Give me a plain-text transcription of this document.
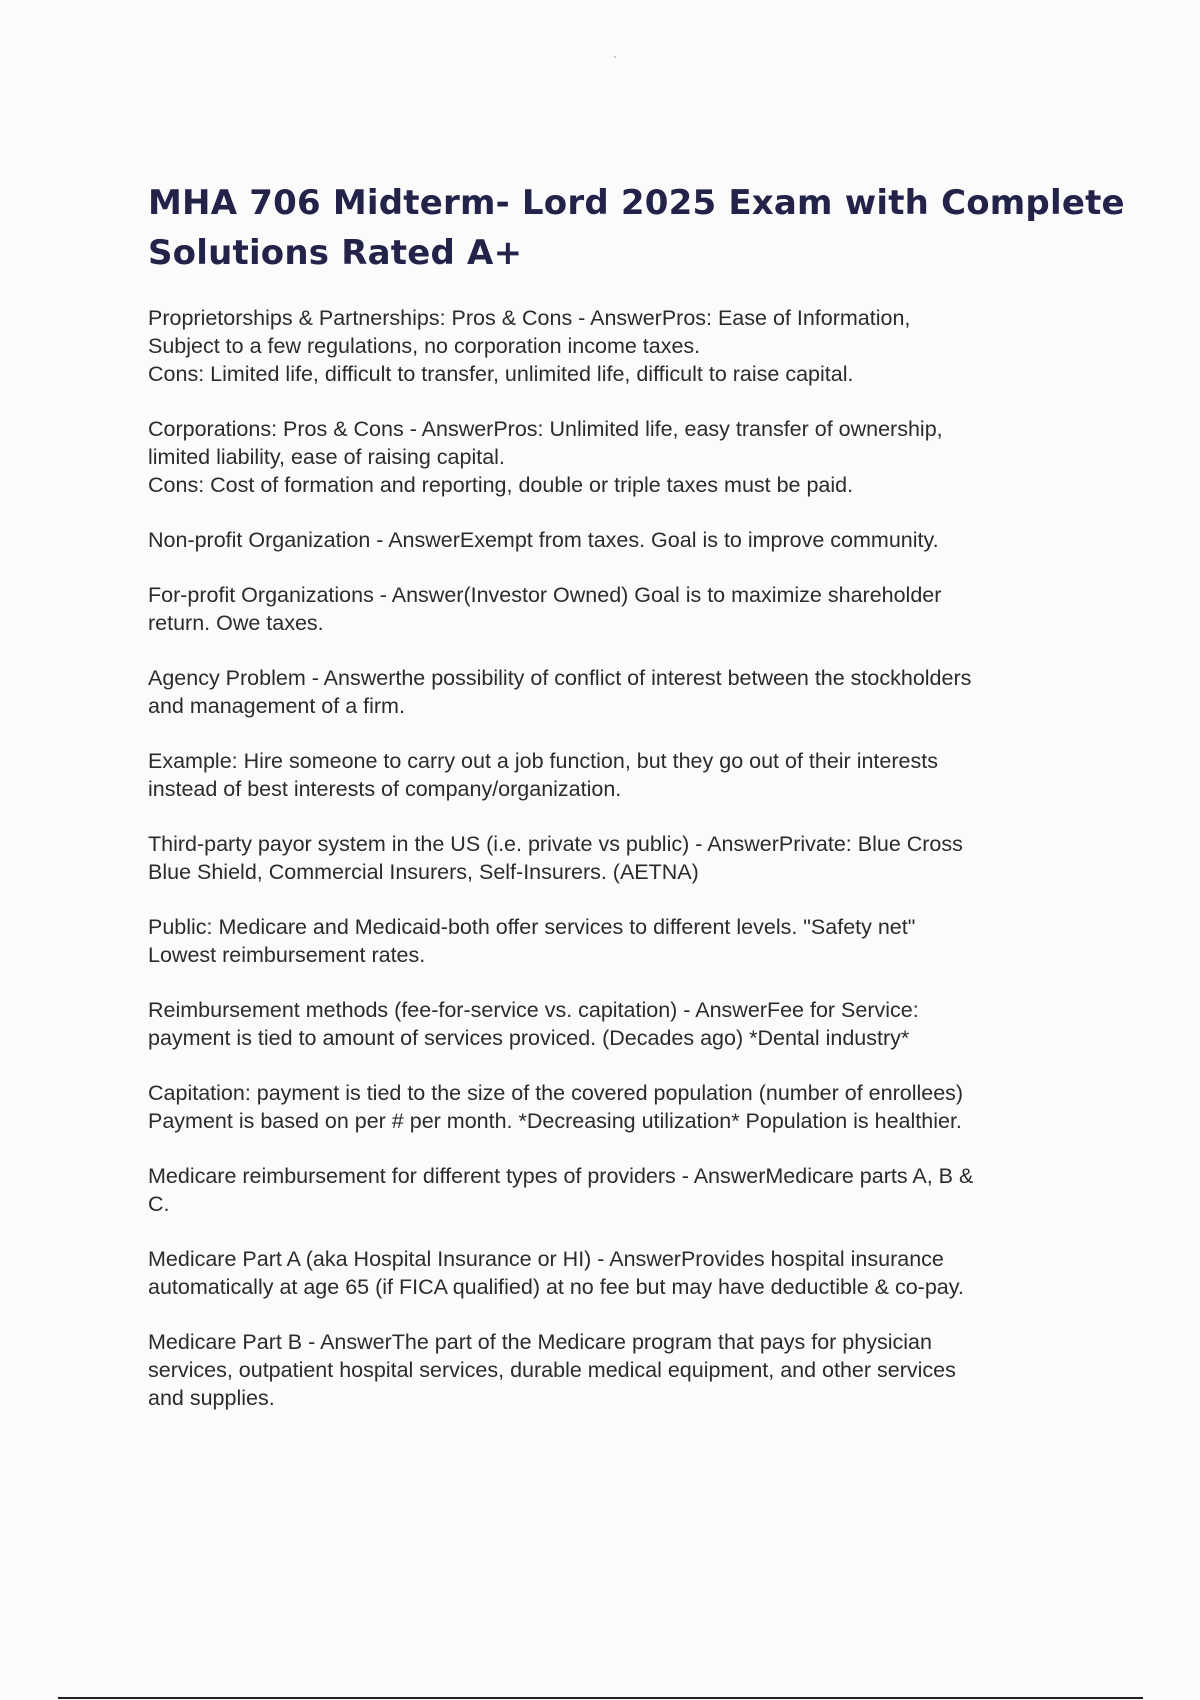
MHA 706 Midterm- Lord 2025 Exam with Complete
Solutions Rated A+

Proprietorships & Partnerships: Pros & Cons - AnswerPros: Ease of Information,
Subject to a few regulations, no corporation income taxes.
Cons: Limited life, difficult to transfer, unlimited life, difficult to raise capital.

Corporations: Pros & Cons - AnswerPros: Unlimited life, easy transfer of ownership,
limited liability, ease of raising capital.
Cons: Cost of formation and reporting, double or triple taxes must be paid.

Non-profit Organization - AnswerExempt from taxes. Goal is to improve community.

For-profit Organizations - Answer(Investor Owned) Goal is to maximize shareholder
return. Owe taxes.

Agency Problem - Answerthe possibility of conflict of interest between the stockholders
and management of a firm.

Example: Hire someone to carry out a job function, but they go out of their interests
instead of best interests of company/organization.

Third-party payor system in the US (i.e. private vs public) - AnswerPrivate: Blue Cross
Blue Shield, Commercial Insurers, Self-Insurers. (AETNA)

Public: Medicare and Medicaid-both offer services to different levels. "Safety net"
Lowest reimbursement rates.

Reimbursement methods (fee-for-service vs. capitation) - AnswerFee for Service:
payment is tied to amount of services proviced. (Decades ago) *Dental industry*

Capitation: payment is tied to the size of the covered population (number of enrollees)
Payment is based on per # per month. *Decreasing utilization* Population is healthier.

Medicare reimbursement for different types of providers - AnswerMedicare parts A, B &
C.

Medicare Part A (aka Hospital Insurance or HI) - AnswerProvides hospital insurance
automatically at age 65 (if FICA qualified) at no fee but may have deductible & co-pay.

Medicare Part B - AnswerThe part of the Medicare program that pays for physician
services, outpatient hospital services, durable medical equipment, and other services
and supplies.
